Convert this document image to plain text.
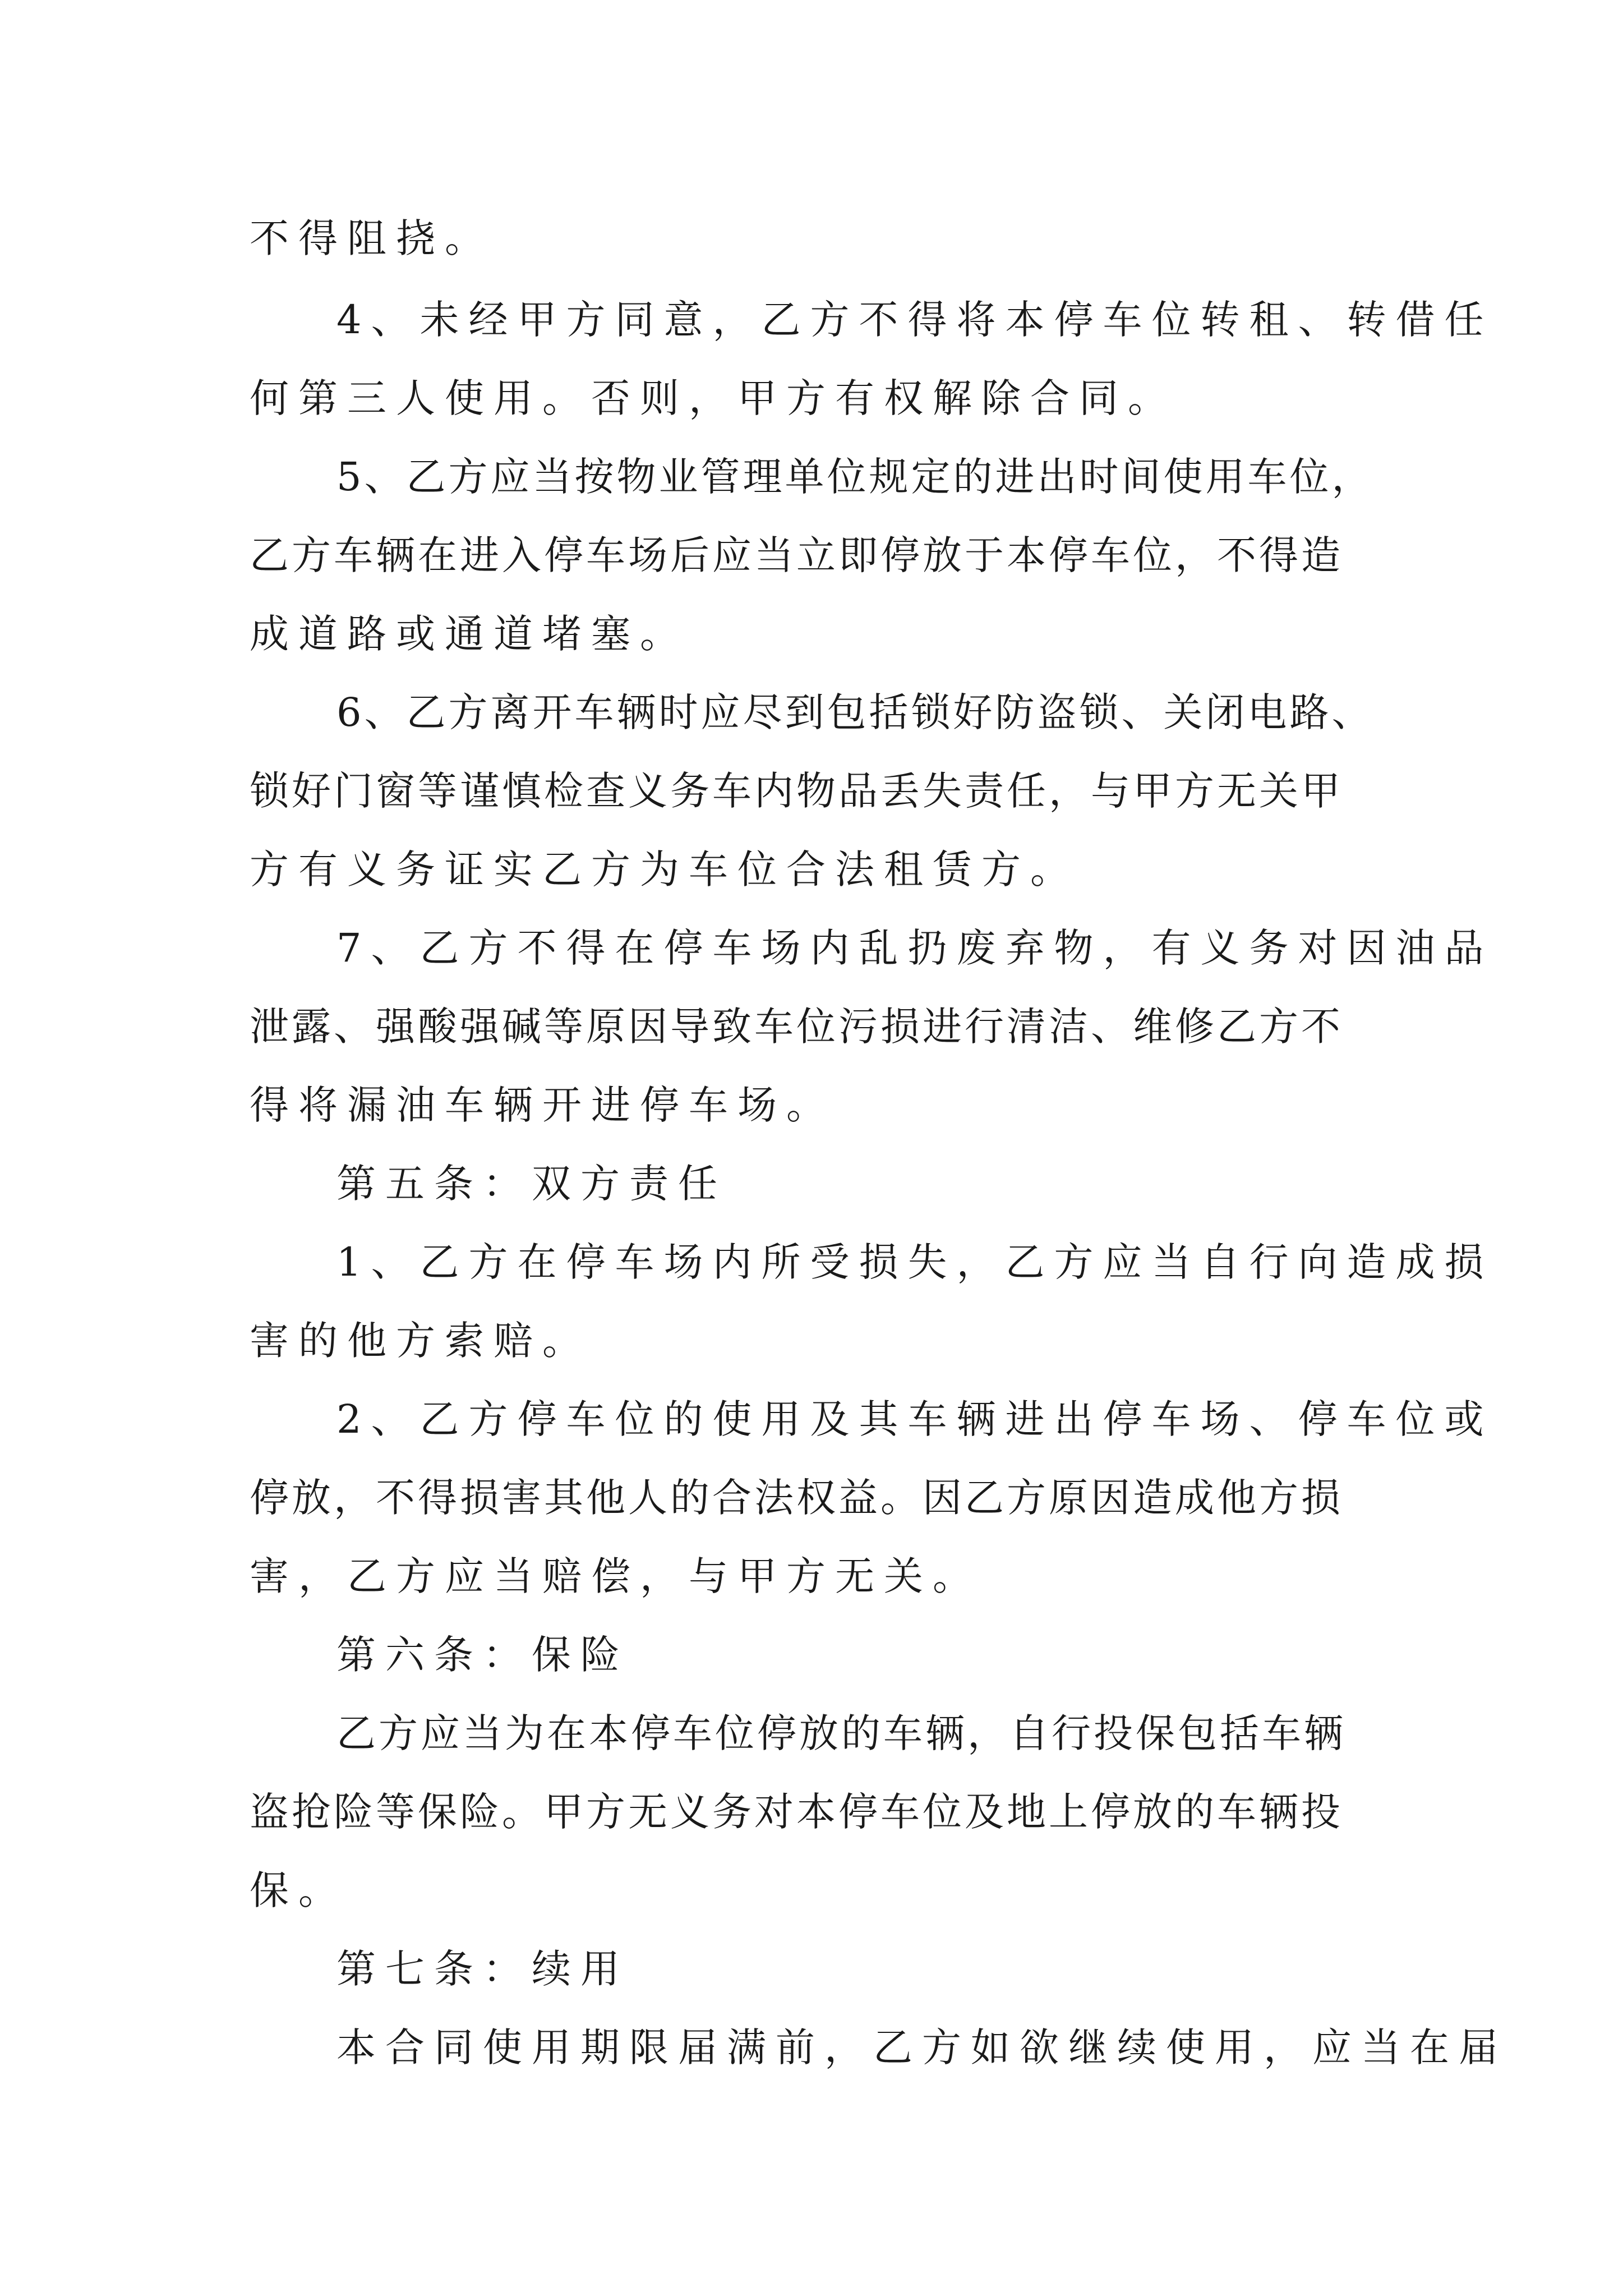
不得阻挠。
4、未经甲方同意，乙方不得将本停车位转租、转借任
何第三人使用。否则，甲方有权解除合同。
5、乙方应当按物业管理单位规定的进出时间使用车位，
乙方车辆在进入停车场后应当立即停放于本停车位，不得造
成道路或通道堵塞。
6、乙方离开车辆时应尽到包括锁好防盗锁、关闭电路、
锁好门窗等谨慎检查义务车内物品丢失责任，与甲方无关甲
方有义务证实乙方为车位合法租赁方。
7、乙方不得在停车场内乱扔废弃物，有义务对因油品
泄露、强酸强碱等原因导致车位污损进行清洁、维修乙方不
得将漏油车辆开进停车场。
第五条：双方责任
1、乙方在停车场内所受损失，乙方应当自行向造成损
害的他方索赔。
2、乙方停车位的使用及其车辆进出停车场、停车位或
停放，不得损害其他人的合法权益。因乙方原因造成他方损
害，乙方应当赔偿，与甲方无关。
第六条：保险
乙方应当为在本停车位停放的车辆，自行投保包括车辆
盗抢险等保险。甲方无义务对本停车位及地上停放的车辆投
保。
第七条：续用
本合同使用期限届满前，乙方如欲继续使用，应当在届
